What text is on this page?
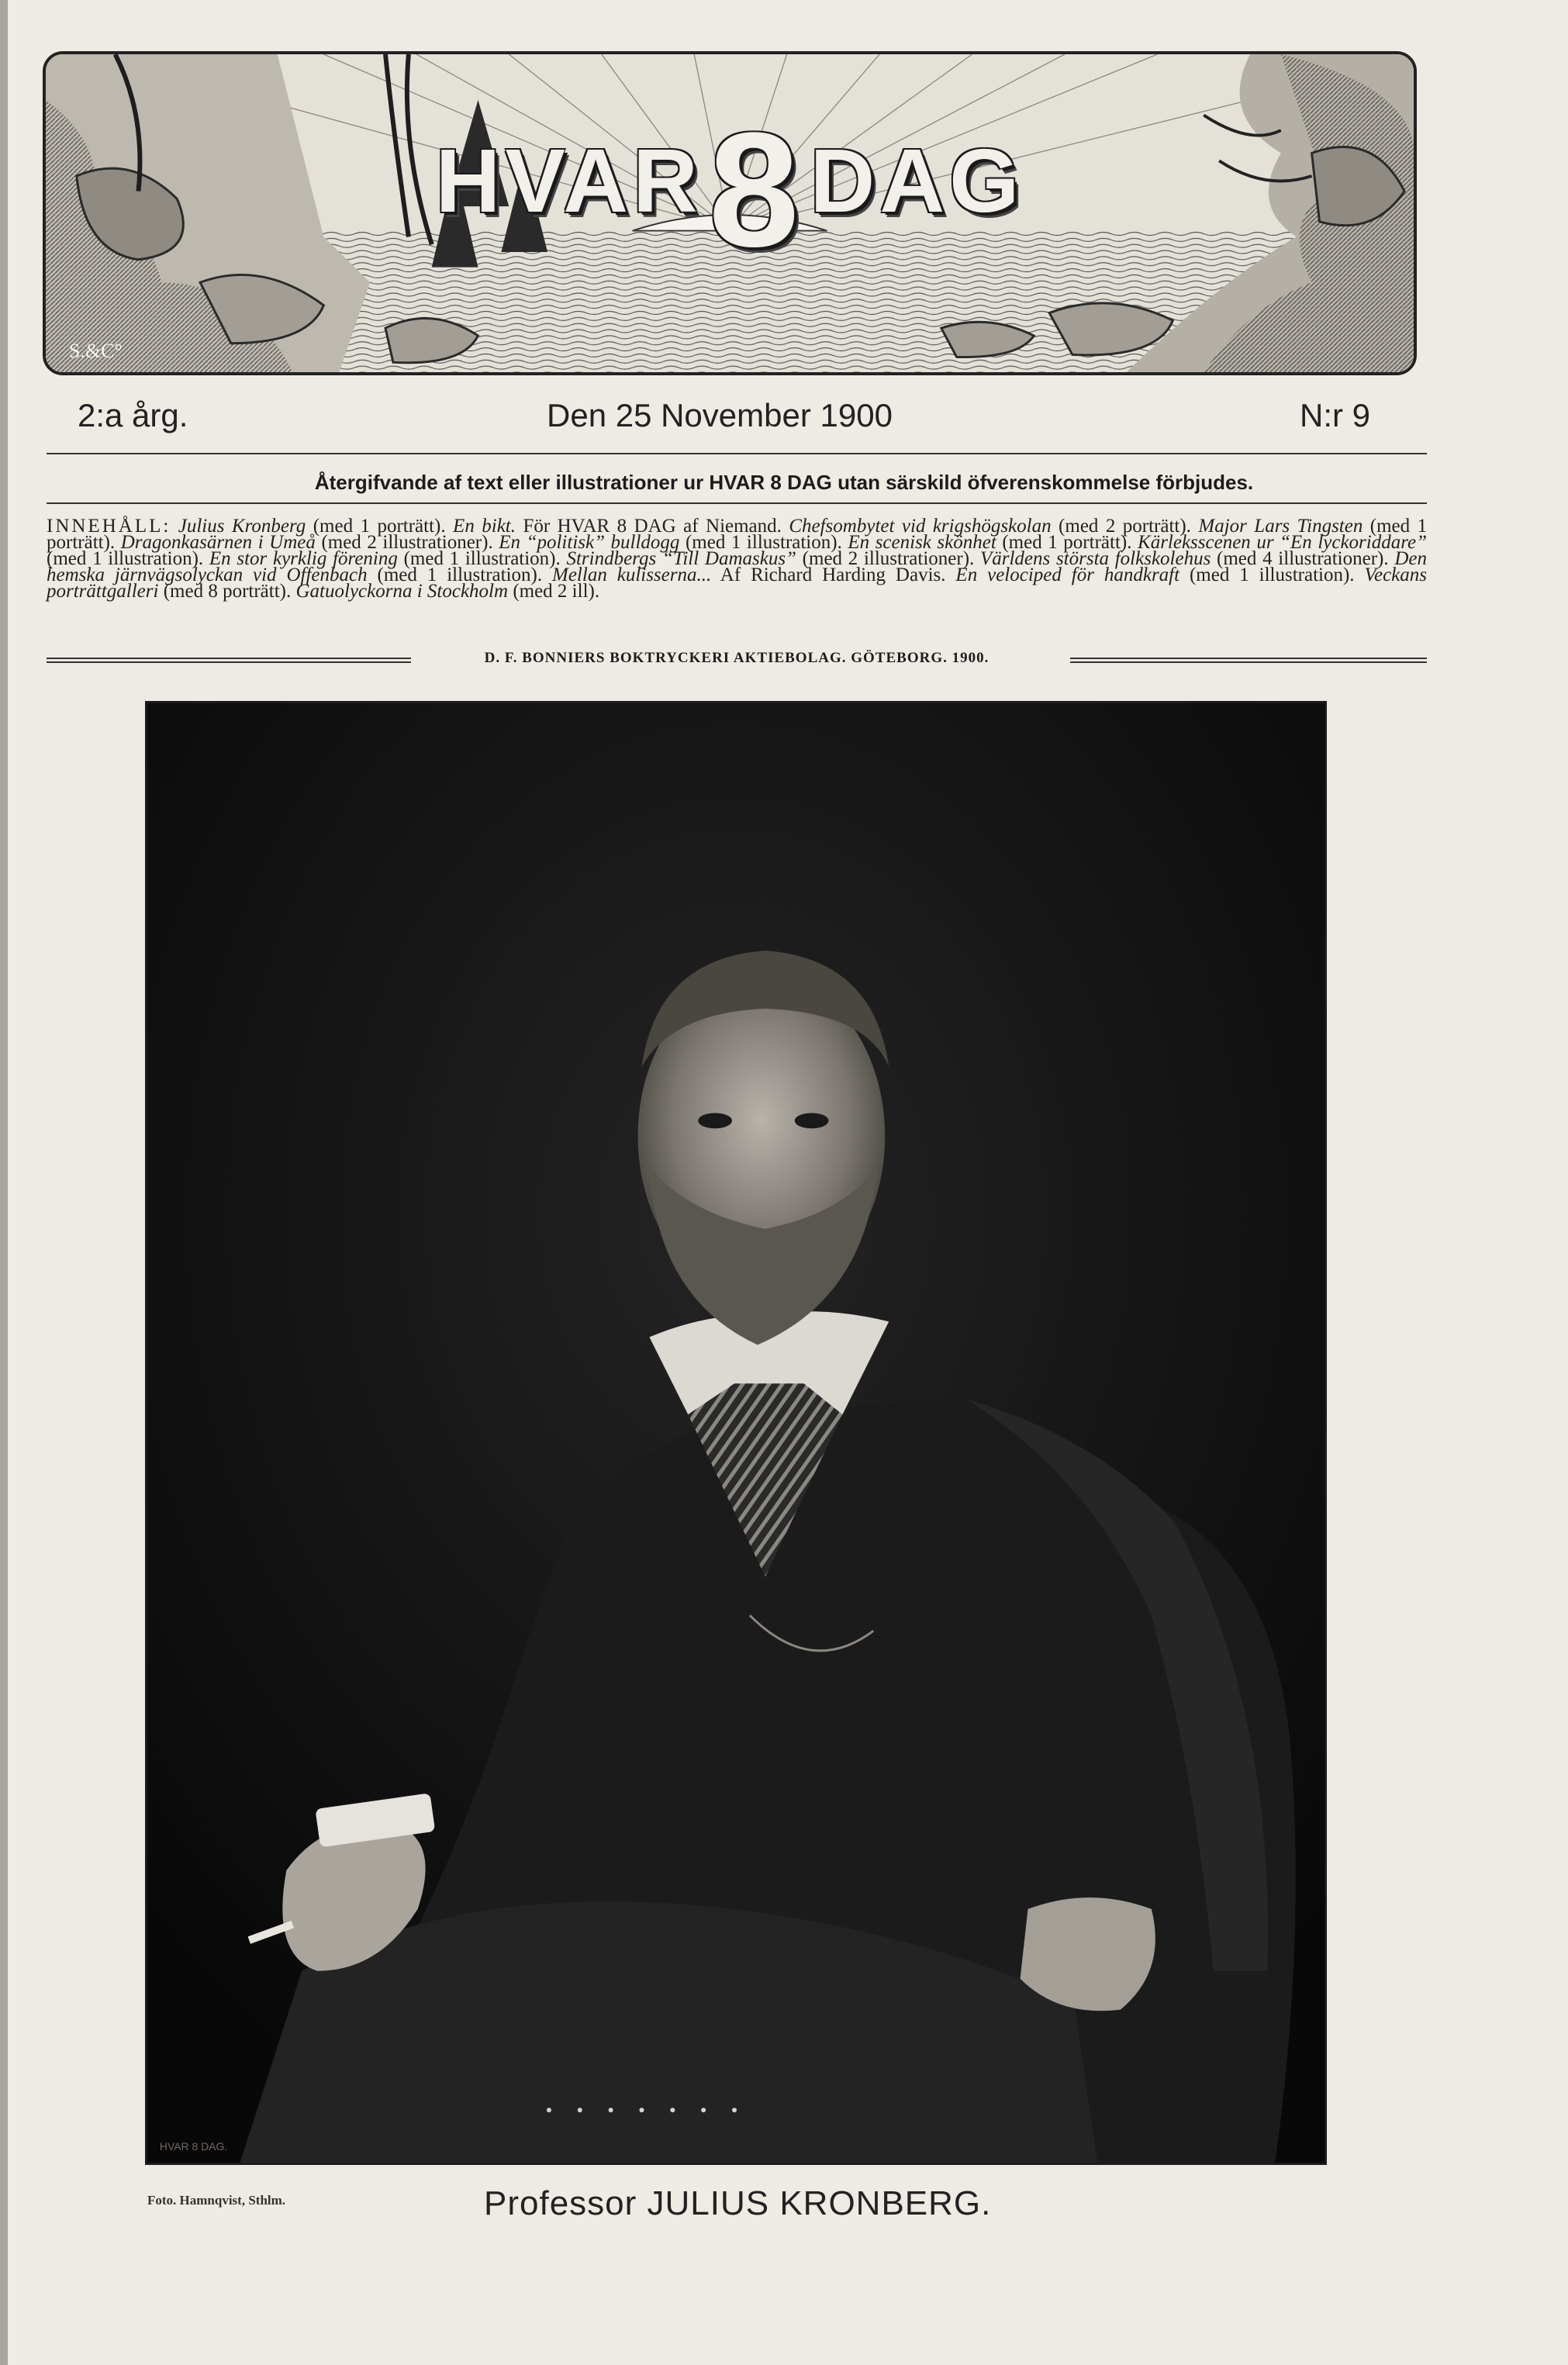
HVAR8DAG
S.&C°
2:a årg.	Den 25 November 1900	N:r 9
Återgifvande af text eller illustrationer ur HVAR 8 DAG utan särskild öfverenskommelse förbjudes.
INNEHÅLL: Julius Kronberg (med 1 porträtt). En bikt. För HVAR 8 DAG af Niemand. Chefsombytet vid krigshögskolan (med 2 porträtt). Major Lars Tingsten (med 1 porträtt). Dragonkasärnen i Umeå (med 2 illustrationer). En “politisk” bulldogg (med 1 illustration). En scenisk skönhet (med 1 porträtt). Kärleksscenen ur “En lyckoriddare” (med 1 illustration). En stor kyrklig förening (med 1 illustration). Strindbergs “Till Damaskus” (med 2 illustrationer). Världens största folkskolehus (med 4 illustrationer). Den hemska järnvägsolyckan vid Offenbach (med 1 illustration). Mellan kulisserna... Af Richard Harding Davis. En velociped för handkraft (med 1 illustration). Veckans porträttgalleri (med 8 porträtt). Gatuolyckorna i Stockholm (med 2 ill).
D. F. BONNIERS BOKTRYCKERI AKTIEBOLAG. GÖTEBORG. 1900.
HVAR 8 DAG.
Foto. Hamnqvist, Sthlm.	Professor JULIUS KRONBERG.
